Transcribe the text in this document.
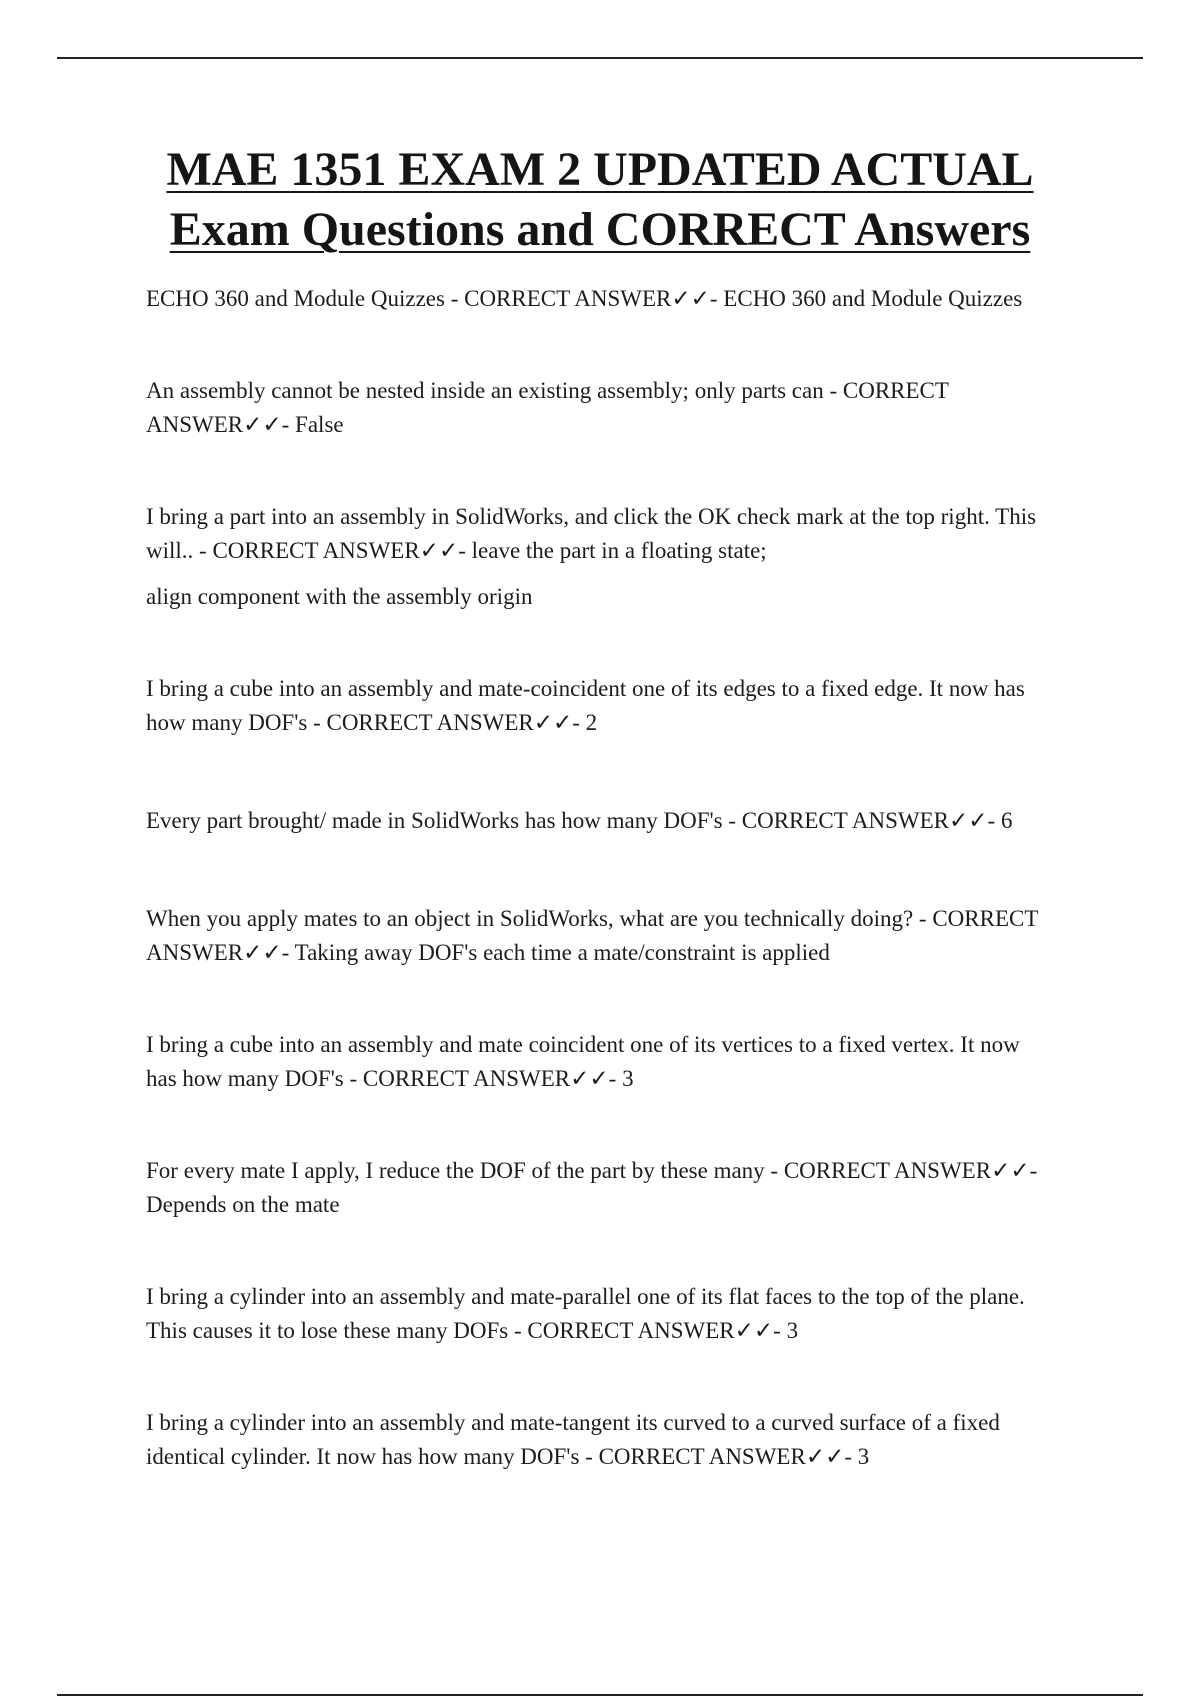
MAE 1351 EXAM 2 UPDATED ACTUAL
Exam Questions and CORRECT Answers

ECHO 360 and Module Quizzes - CORRECT ANSWER✓✓- ECHO 360 and Module Quizzes

An assembly cannot be nested inside an existing assembly; only parts can - CORRECT ANSWER✓✓- False

I bring a part into an assembly in SolidWorks, and click the OK check mark at the top right. This will.. - CORRECT ANSWER✓✓- leave the part in a floating state;

align component with the assembly origin

I bring a cube into an assembly and mate-coincident one of its edges to a fixed edge. It now has how many DOF's - CORRECT ANSWER✓✓- 2

Every part brought/ made in SolidWorks has how many DOF's - CORRECT ANSWER✓✓- 6

When you apply mates to an object in SolidWorks, what are you technically doing? - CORRECT ANSWER✓✓- Taking away DOF's each time a mate/constraint is applied

I bring a cube into an assembly and mate coincident one of its vertices to a fixed vertex. It now has how many DOF's - CORRECT ANSWER✓✓- 3

For every mate I apply, I reduce the DOF of the part by these many - CORRECT ANSWER✓✓- Depends on the mate

I bring a cylinder into an assembly and mate-parallel one of its flat faces to the top of the plane. This causes it to lose these many DOFs - CORRECT ANSWER✓✓- 3

I bring a cylinder into an assembly and mate-tangent its curved to a curved surface of a fixed identical cylinder. It now has how many DOF's - CORRECT ANSWER✓✓- 3
